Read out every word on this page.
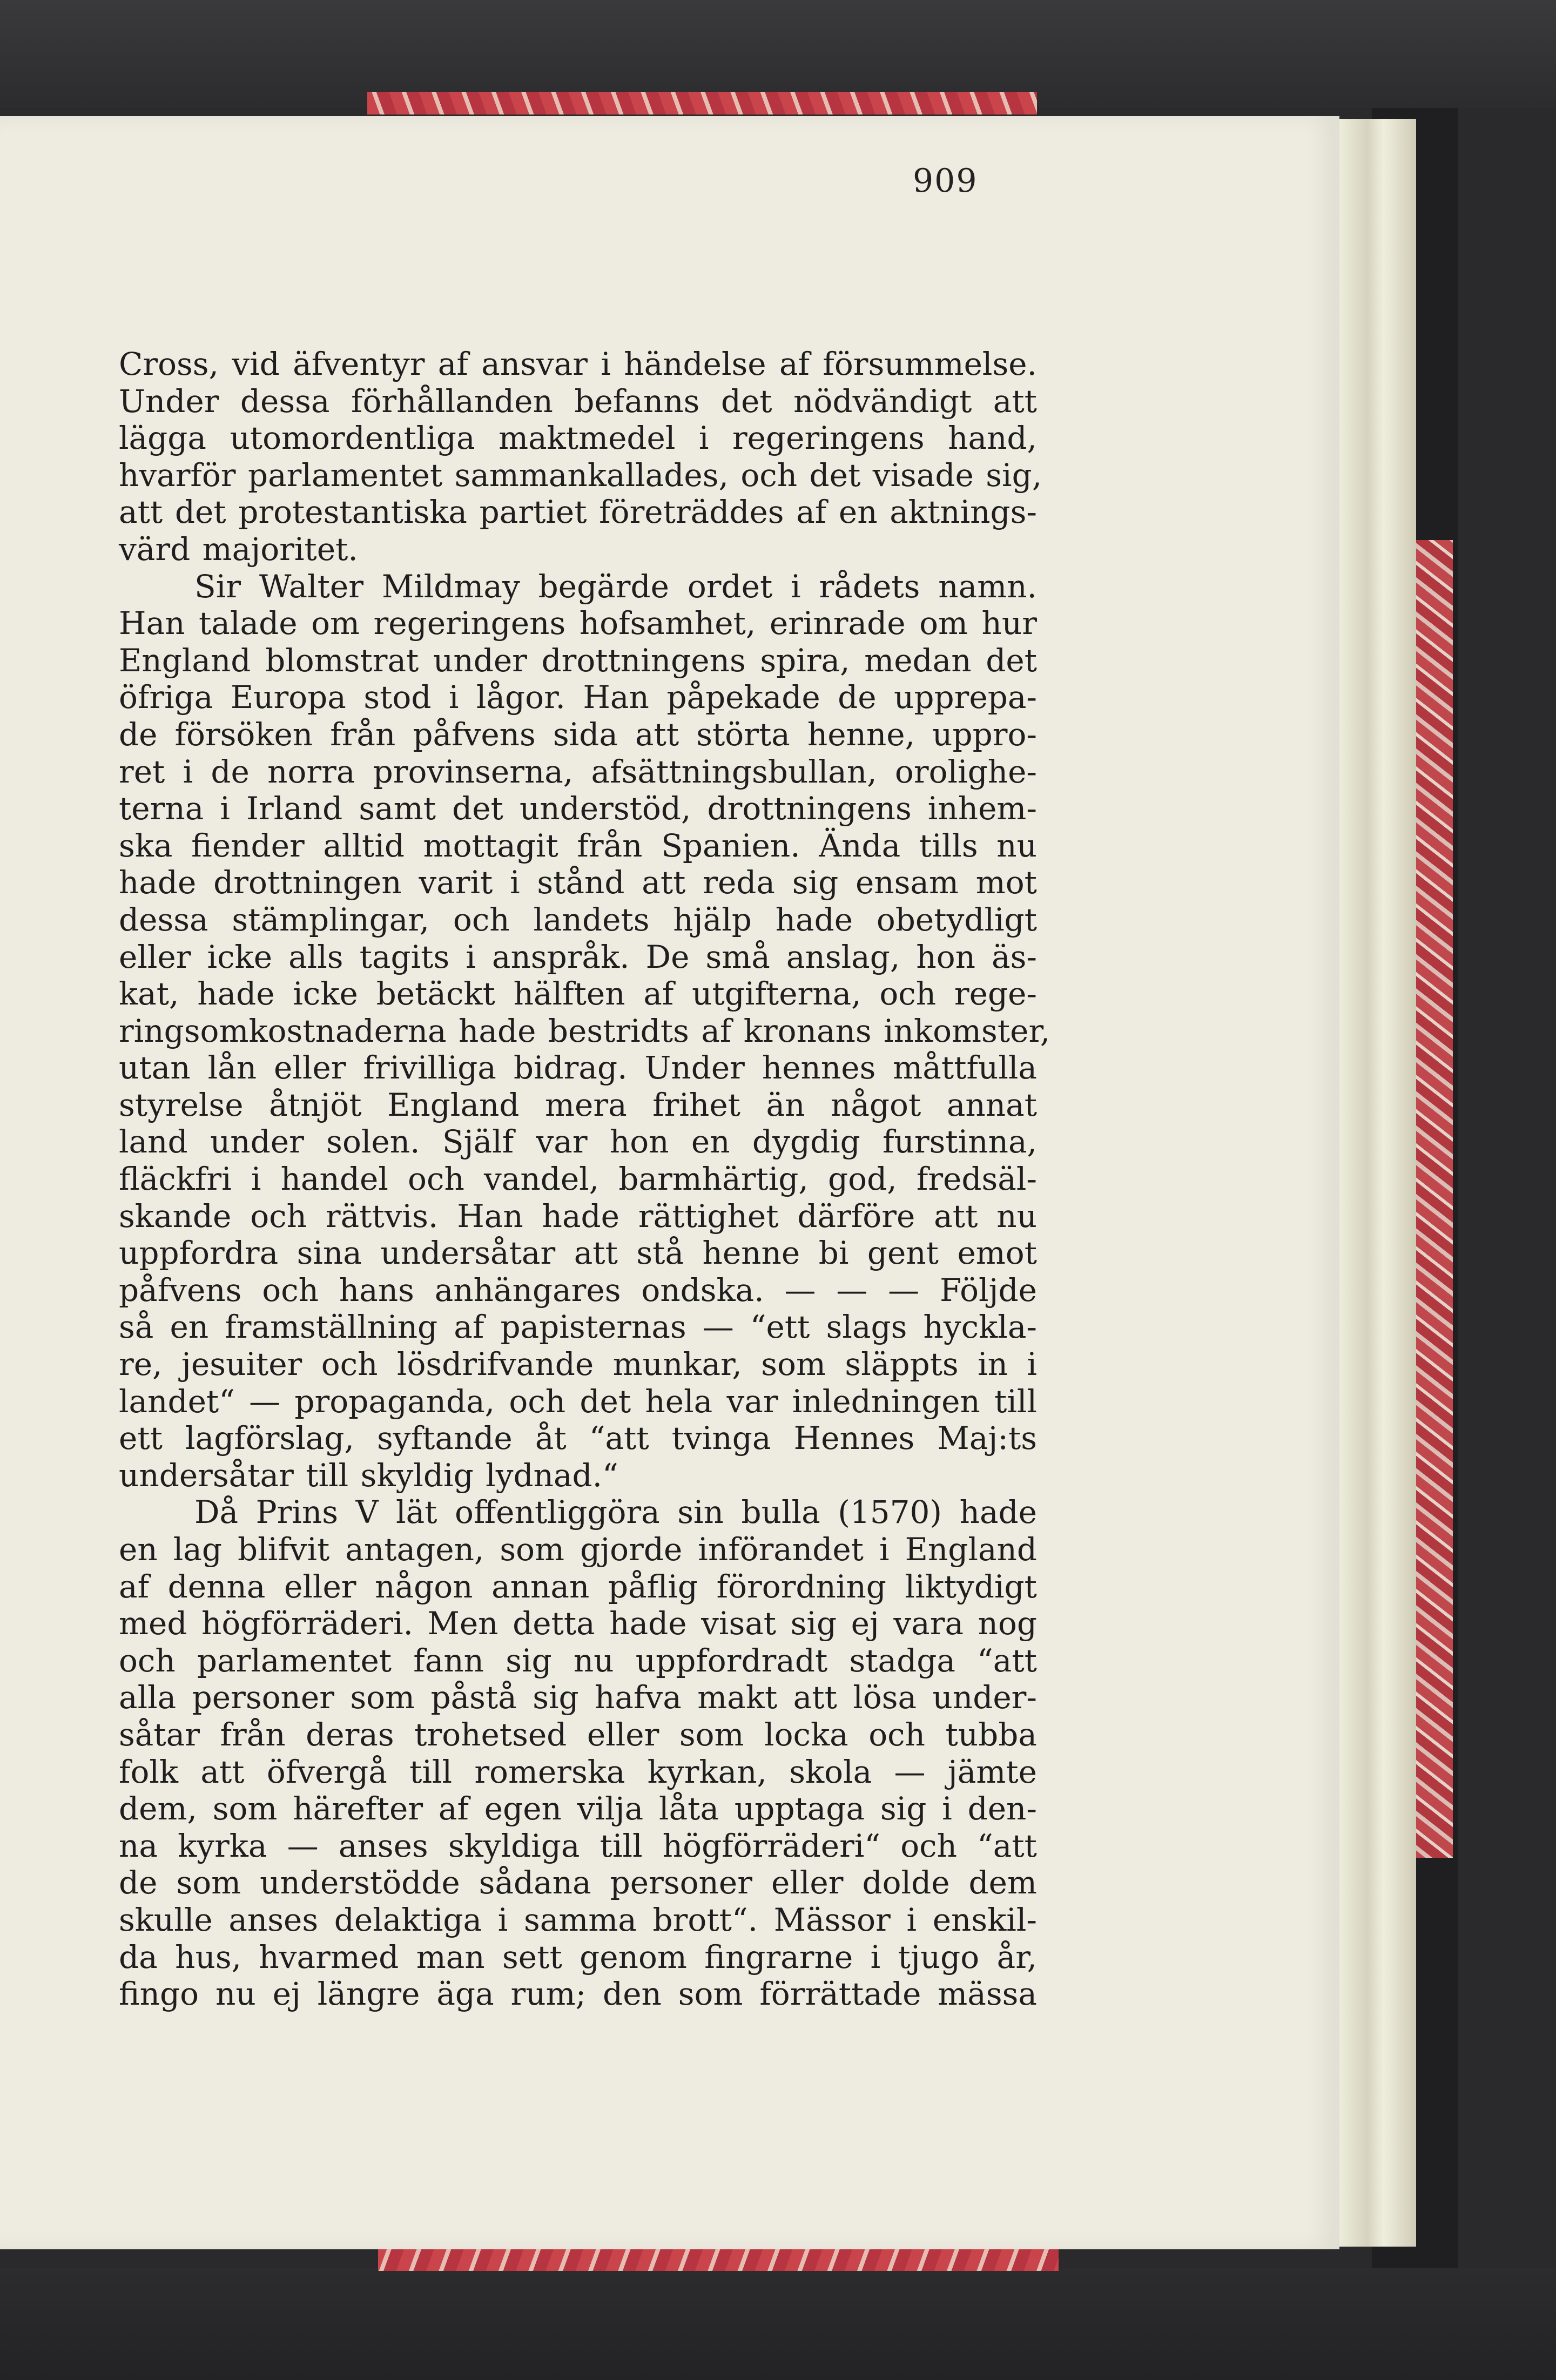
909
Cross, vid äfventyr af ansvar i händelse af försummelse.
Under dessa förhållanden befanns det nödvändigt att
lägga utomordentliga maktmedel i regeringens hand,
hvarför parlamentet sammankallades, och det visade sig,
att det protestantiska partiet företräddes af en aktnings-
värd majoritet.
Sir Walter Mildmay begärde ordet i rådets namn.
Han talade om regeringens hofsamhet, erinrade om hur
England blomstrat under drottningens spira, medan det
öfriga Europa stod i lågor. Han påpekade de upprepa-
de försöken från påfvens sida att störta henne, uppro-
ret i de norra provinserna, afsättningsbullan, orolighe-
terna i Irland samt det understöd, drottningens inhem-
ska fiender alltid mottagit från Spanien. Ända tills nu
hade drottningen varit i stånd att reda sig ensam mot
dessa stämplingar, och landets hjälp hade obetydligt
eller icke alls tagits i anspråk. De små anslag, hon äs-
kat, hade icke betäckt hälften af utgifterna, och rege-
ringsomkostnaderna hade bestridts af kronans inkomster,
utan lån eller frivilliga bidrag. Under hennes måttfulla
styrelse åtnjöt England mera frihet än något annat
land under solen. Själf var hon en dygdig furstinna,
fläckfri i handel och vandel, barmhärtig, god, fredsäl-
skande och rättvis. Han hade rättighet därföre att nu
uppfordra sina undersåtar att stå henne bi gent emot
påfvens och hans anhängares ondska. — — — Följde
så en framställning af papisternas — “ett slags hyckla-
re, jesuiter och lösdrifvande munkar, som släppts in i
landet“ — propaganda, och det hela var inledningen till
ett lagförslag, syftande åt “att tvinga Hennes Maj:ts
undersåtar till skyldig lydnad.“
Då Prins V lät offentliggöra sin bulla (1570) hade
en lag blifvit antagen, som gjorde införandet i England
af denna eller någon annan påflig förordning liktydigt
med högförräderi. Men detta hade visat sig ej vara nog
och parlamentet fann sig nu uppfordradt stadga “att
alla personer som påstå sig hafva makt att lösa under-
såtar från deras trohetsed eller som locka och tubba
folk att öfvergå till romerska kyrkan, skola — jämte
dem, som härefter af egen vilja låta upptaga sig i den-
na kyrka — anses skyldiga till högförräderi“ och “att
de som understödde sådana personer eller dolde dem
skulle anses delaktiga i samma brott“. Mässor i enskil-
da hus, hvarmed man sett genom fingrarne i tjugo år,
fingo nu ej längre äga rum; den som förrättade mässa
